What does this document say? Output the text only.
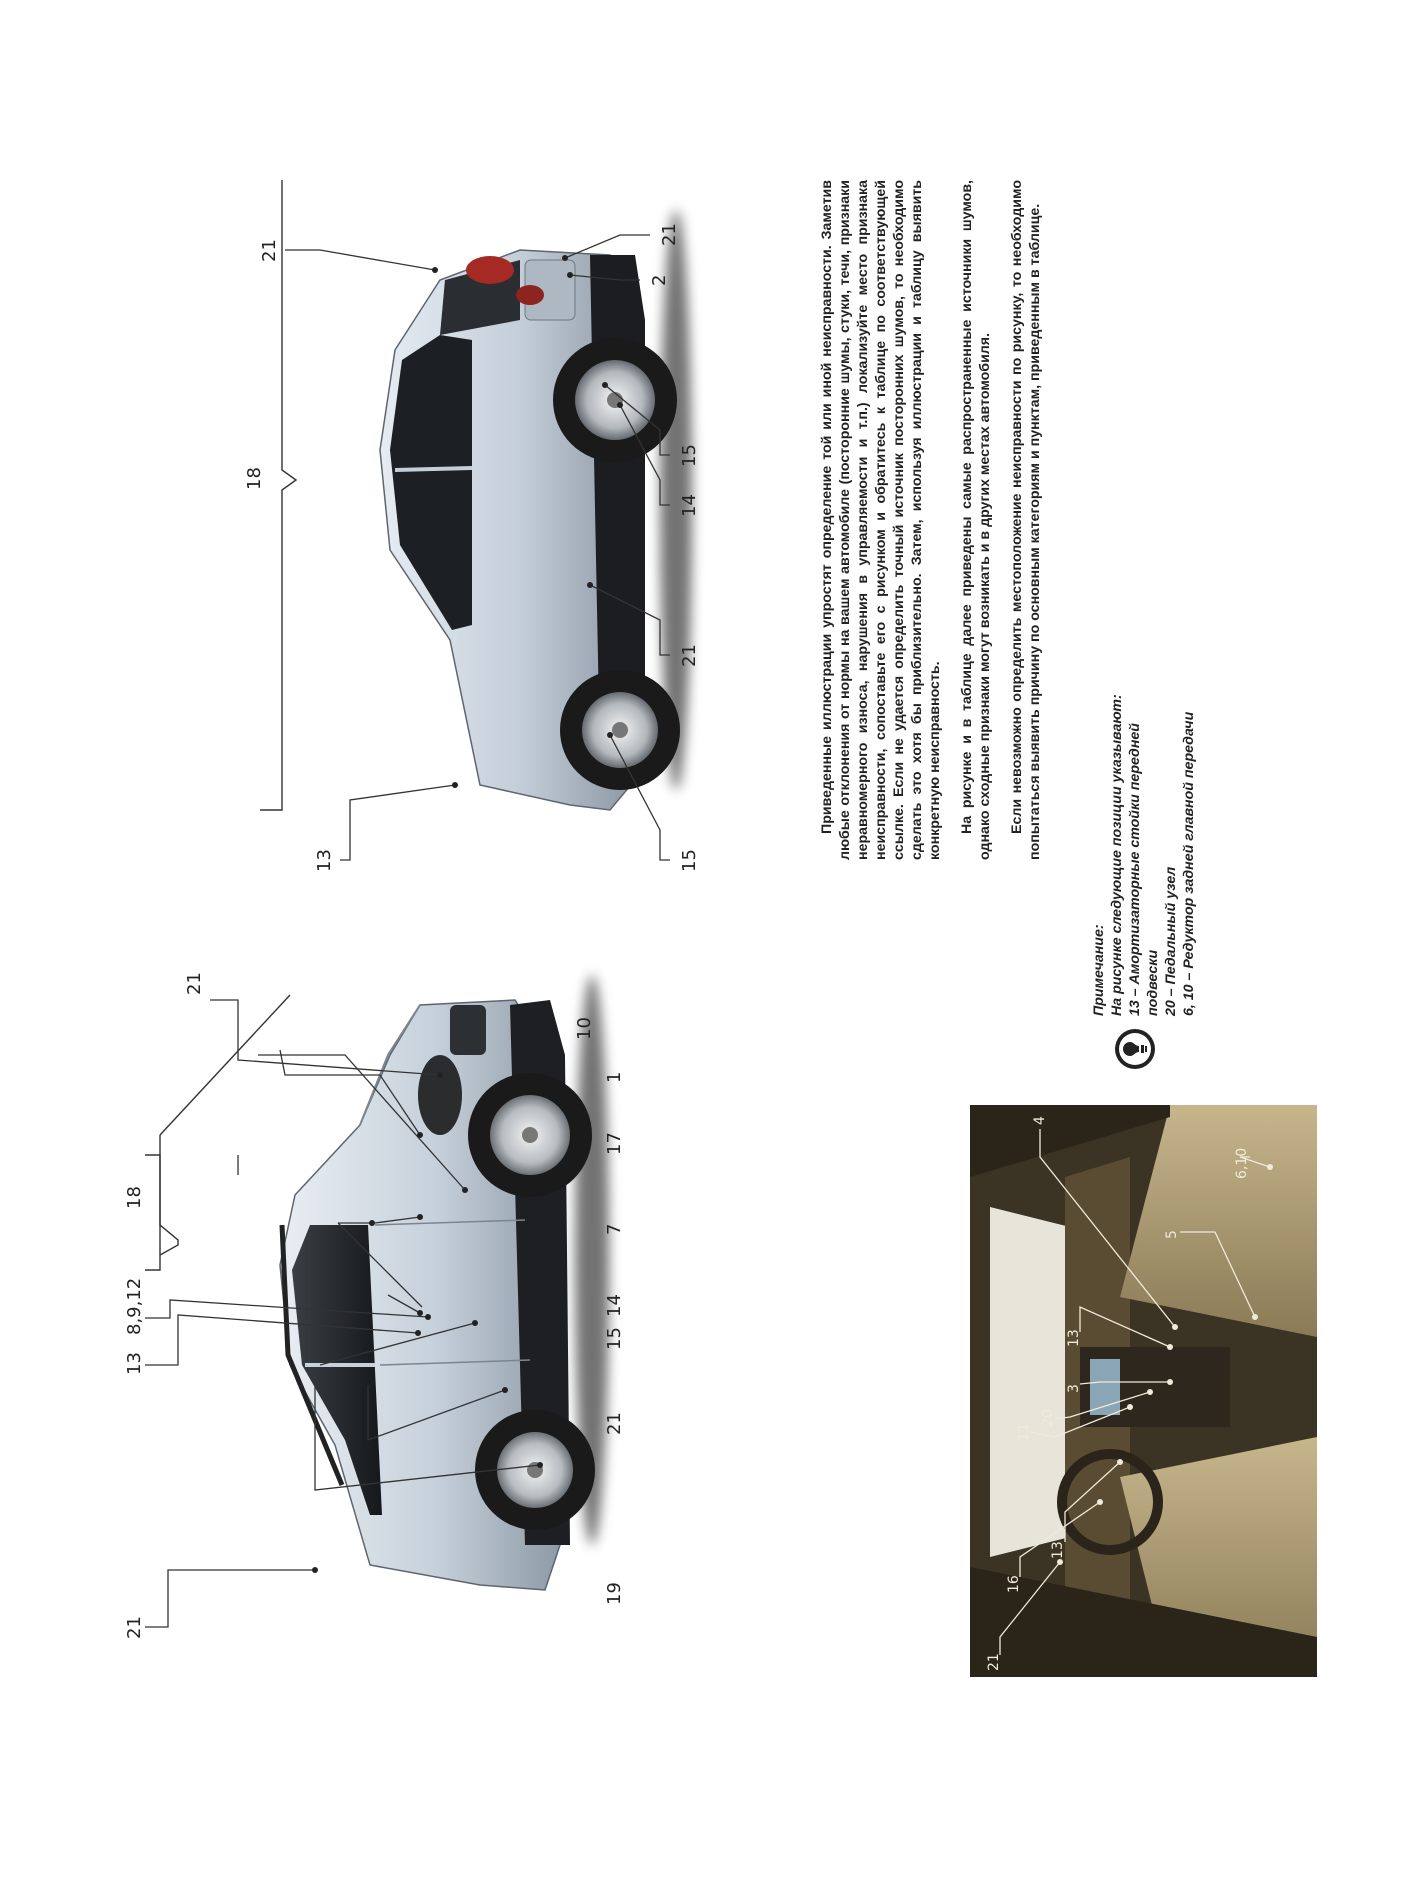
21
13
8,9,12
18
19
21
15
14
7
17
1
10
21
13
18
21
15
21
14
15
2
21
21
16
13
11
20
3
13
4
5
6,10

Приведенные иллюстрации упростят определение той или иной неисправности. Заметив любые отклонения от нормы на вашем автомобиле (посторонние шумы, стуки, течи, признаки неравномерного износа, нарушения в управляемости и т.п.) локализуйте место признака неисправности, сопоставьте его с рисунком и обратитесь к таблице по соответствующей ссылке. Если не удается определить точный источник посторонних шумов, то необходимо сделать это хотя бы приблизительно. Затем, используя иллюстрации и таблицу выявить конкретную неисправность. На рисунке и в таблице далее приведены самые распространенные источники шумов, однако сходные признаки могут возникать и в других местах автомобиля. Если невозможно определить местоположение неисправности по рисунку, то необходимо попытаться выявить причину по основным категориям и пунктам, приведенным в таблице.

Примечание: На рисунке следующие позиции указывают: 13 – Амортизаторные стойки передней подвески 20 – Педальный узел 6, 10 – Редуктор задней главной передачи
